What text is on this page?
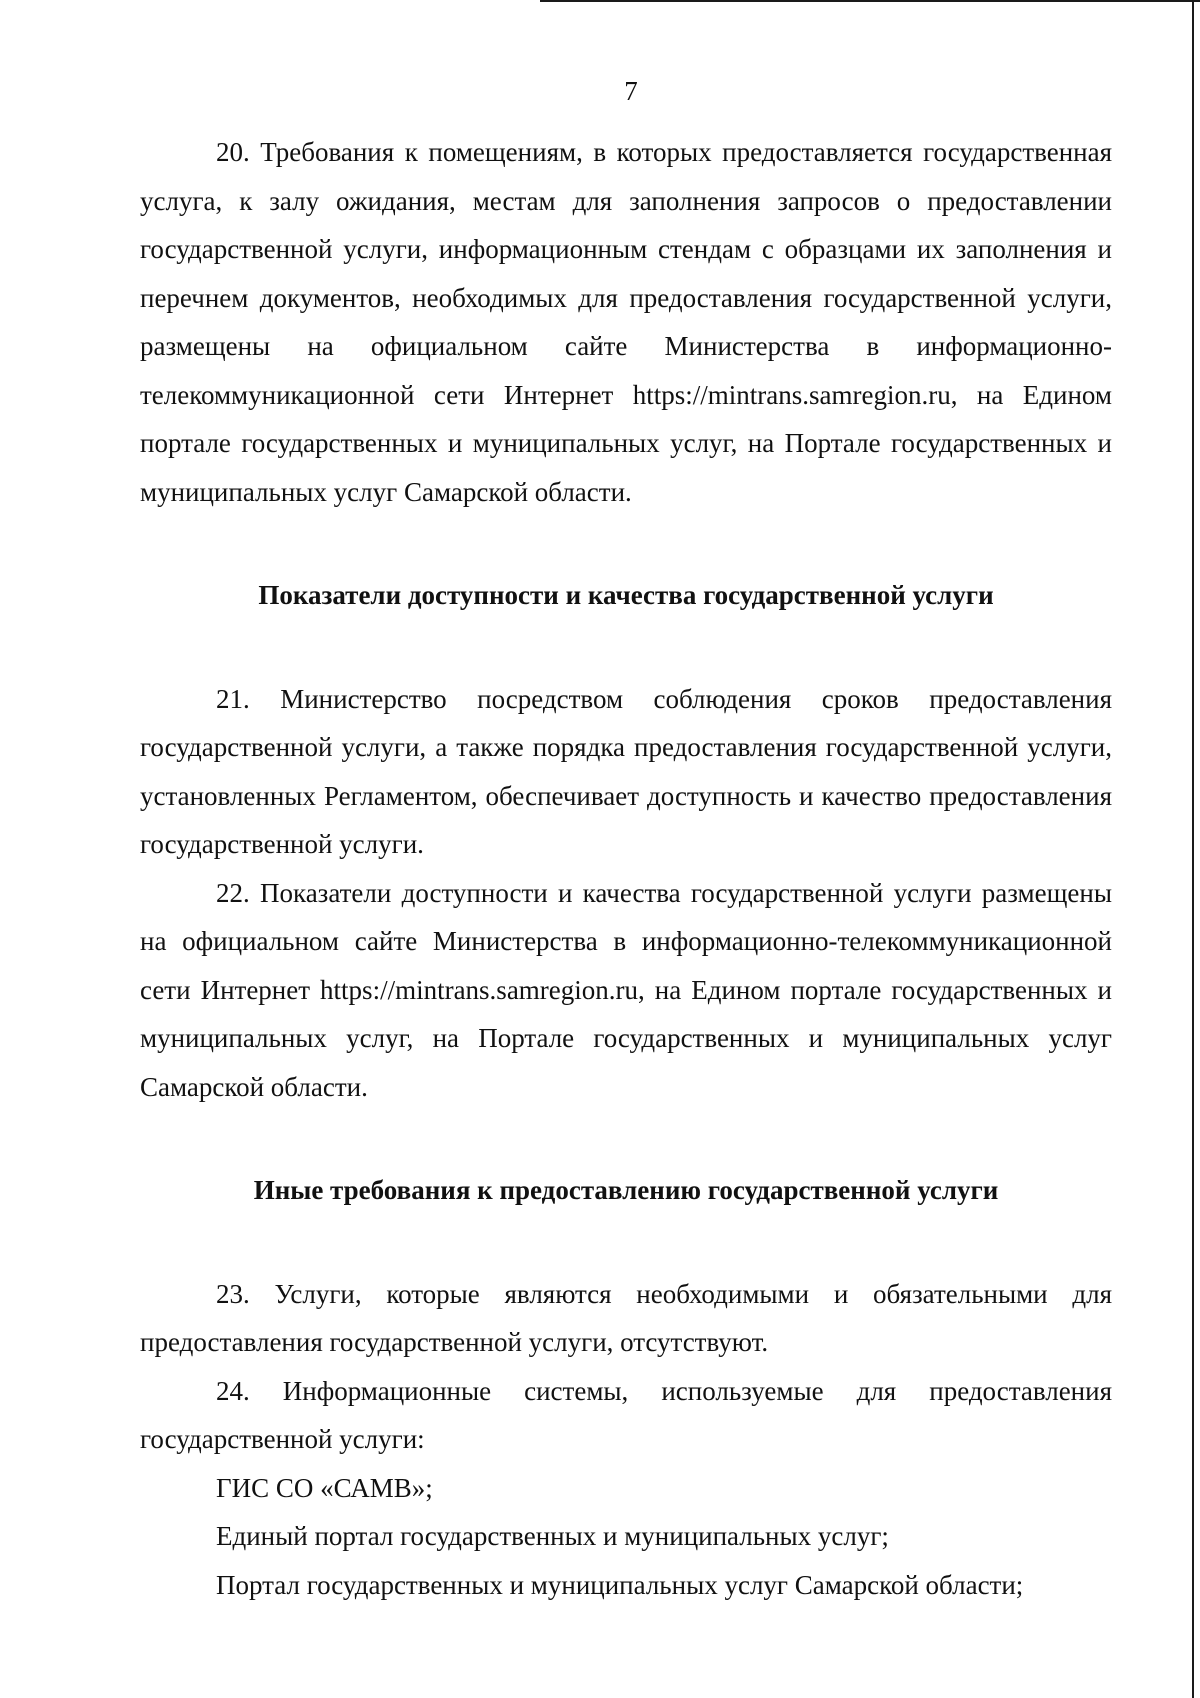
7

20. Требования к помещениям, в которых предоставляется государственная услуга, к залу ожидания, местам для заполнения запросов о предоставлении государственной услуги, информационным стендам с образцами их заполнения и перечнем документов, необходимых для предоставления государственной услуги, размещены на официальном сайте Министерства в информационно-телекоммуникационной сети Интернет https://mintrans.samregion.ru, на Едином портале государственных и муниципальных услуг, на Портале государственных и муниципальных услуг Самарской области.

Показатели доступности и качества государственной услуги

21. Министерство посредством соблюдения сроков предоставления государственной услуги, а также порядка предоставления государственной услуги, установленных Регламентом, обеспечивает доступность и качество предоставления государственной услуги.

22. Показатели доступности и качества государственной услуги размещены на официальном сайте Министерства в информационно-телекоммуникационной сети Интернет https://mintrans.samregion.ru, на Едином портале государственных и муниципальных услуг, на Портале государственных и муниципальных услуг Самарской области.

Иные требования к предоставлению государственной услуги

23. Услуги, которые являются необходимыми и обязательными для предоставления государственной услуги, отсутствуют.

24. Информационные системы, используемые для предоставления государственной услуги:

ГИС СО «САМВ»;

Единый портал государственных и муниципальных услуг;

Портал государственных и муниципальных услуг Самарской области;
